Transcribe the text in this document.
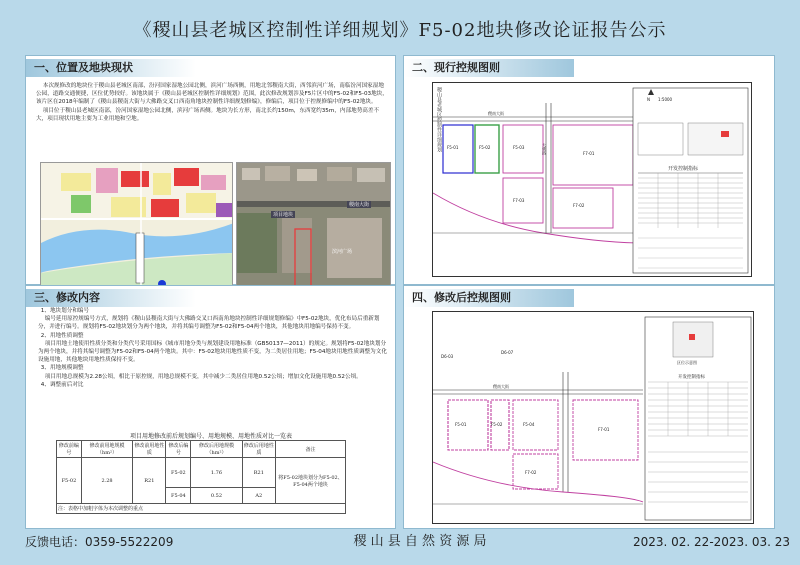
《稷山县老城区控制性详细规划》F5-02地块修改论证报告公示
一、位置及地块现状

本次规修改的地块位于稷山县老城区南部，汾河国家湿地公园北侧，滨河广场西侧，用地北邻稷南大街，西邻滨河广场，南临汾河国家湿地公园，道路交通便捷，区位优势较好。该地块属于《稷山县老城区控制性详细规划》范围，此次修改规划涉及F5片区中的F5-02和F5-03地块，该片区在2018年编制了《稷山县稷南大街与大佛路交叉口西南角地块控制性详细规划修编》，修编后，项目位于控规修编中的F5-02地块。

项目位于稷山县老城区南部，汾河国家湿地公园北侧，滨河广场西侧。地块为长方形，南北长约150m，东西宽约35m，内部地势高差不大，项目现状用地主要为工业用地和空地。

稷南大街
滨河广场
项目地块
二、现行控规图则
稷山县老城区控制性详细规划	N 1:5000
稷南大街
大佛路
F5-01	F5-02	F5-03
F7-01
F7-02
F7-03
开发控制指标
三、修改内容

1、地块划分和编号

编号延用原控规编号方式，规划将《稷山县稷南大街与大佛路交叉口西南角地块控制性详细规划修编》中F5-02地块，优化布局后重新划分，并进行编号。规划将F5-02地块划分为两个地块，并将其编号调整为F5-02和F5-04两个地块，其他地块用地编号保持不变。

2、用地性质调整

项目用地土地使用性质分类和分类代号采用国标《城市用地分类与规划建设用地标准（GB50137—2011）的规定。规划将F5-02地块划分为两个地块，并将其编号调整为F5-02和F5-04两个地块。其中：F5-02地块用地性质不变，为二类居住用地；F5-04地块用地性质调整为文化设施用地，其他地块用地性质保持不变。

3、用地规模调整

项目用地总规模为2.28公顷，相比于原控规，用地总规模不变，其中减少二类居住用地0.52公顷；增加文化设施用地0.52公顷。

4、调整前后对比

项目用地修改前后规划编号、用地规模、用地性质对比一览表
修改前编号	修改前用地规模（hm²）	修改前用地性质	修改后编号	修改后用地规模（hm²）	修改后用地性质	备注
F5-02	2.28	R21	F5-02	1.76	R21	将F5-02地块划分为F5-02、F5-04两个地块
			F5-04	0.52	A2	
注：表格中加粗字体为本次调整的重点						
四、修改后控规图则
稷南大街
F5-01	F5-02	F5-04
F7-01
F7-02
D6-03
D6-07
区位示意图
开发控制指标
反馈电话：0359-5522209	稷 山 县 自 然 资 源 局	2023. 02. 22-2023. 03. 23
